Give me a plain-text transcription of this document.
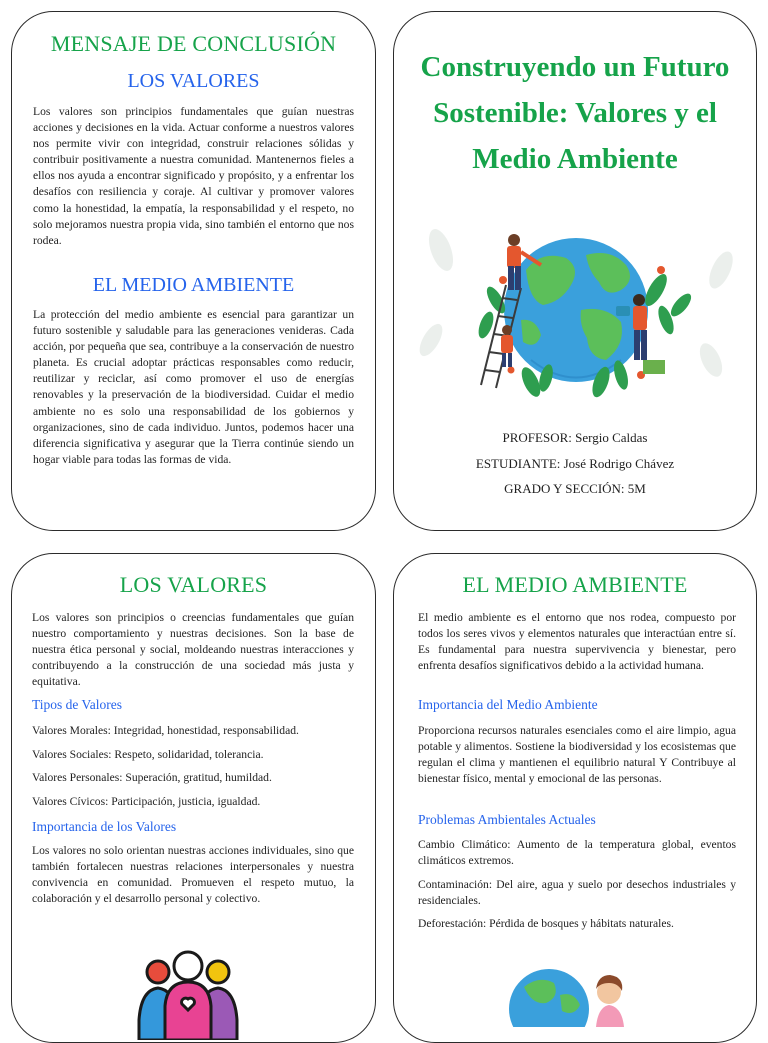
MENSAJE DE CONCLUSIÓN
LOS VALORES

Los valores son principios fundamentales que guían nuestras acciones y decisiones en la vida. Actuar conforme a nuestros valores nos permite vivir con integridad, construir relaciones sólidas y contribuir positivamente a nuestra comunidad. Mantenernos fieles a ellos nos ayuda a encontrar significado y propósito, y a enfrentar los desafíos con resiliencia y coraje. Al cultivar y promover valores como la honestidad, la empatía, la responsabilidad y el respeto, no solo mejoramos nuestra propia vida, sino también el entorno que nos rodea.

EL MEDIO AMBIENTE

La protección del medio ambiente es esencial para garantizar un futuro sostenible y saludable para las generaciones venideras. Cada acción, por pequeña que sea, contribuye a la conservación de nuestro planeta. Es crucial adoptar prácticas responsables como reducir, reutilizar y reciclar, así como promover el uso de energías renovables y la preservación de la biodiversidad. Cuidar el medio ambiente no es solo una responsabilidad de los gobiernos y organizaciones, sino de cada individuo. Juntos, podemos hacer una diferencia significativa y asegurar que la Tierra continúe siendo un hogar viable para todas las formas de vida.

Construyendo un Futuro Sostenible: Valores y el Medio Ambiente
PROFESOR: Sergio Caldas
ESTUDIANTE: José Rodrigo Chávez
GRADO Y SECCIÓN: 5M
LOS VALORES

Los valores son principios o creencias fundamentales que guían nuestro comportamiento y nuestras decisiones. Son la base de nuestra ética personal y social, moldeando nuestras interacciones y contribuyendo a la construcción de una sociedad más justa y equitativa.

Tipos de Valores

Valores Morales: Integridad, honestidad, responsabilidad.

Valores Sociales: Respeto, solidaridad, tolerancia.

Valores Personales: Superación, gratitud, humildad.

Valores Cívicos: Participación, justicia, igualdad.

Importancia de los Valores

Los valores no solo orientan nuestras acciones individuales, sino que también fortalecen nuestras relaciones interpersonales y nuestra convivencia en comunidad. Promueven el respeto mutuo, la colaboración y el desarrollo personal y colectivo.

EL MEDIO AMBIENTE

El medio ambiente es el entorno que nos rodea, compuesto por todos los seres vivos y elementos naturales que interactúan entre sí. Es fundamental para nuestra supervivencia y bienestar, pero enfrenta desafíos significativos debido a la actividad humana.

Importancia del Medio Ambiente

Proporciona recursos naturales esenciales como el aire limpio, agua potable y alimentos. Sostiene la biodiversidad y los ecosistemas que regulan el clima y mantienen el equilibrio natural Y Contribuye al bienestar físico, mental y emocional de las personas.

Problemas Ambientales Actuales

Cambio Climático: Aumento de la temperatura global, eventos climáticos extremos.

Contaminación: Del aire, agua y suelo por desechos industriales y residenciales.

Deforestación: Pérdida de bosques y hábitats naturales.
